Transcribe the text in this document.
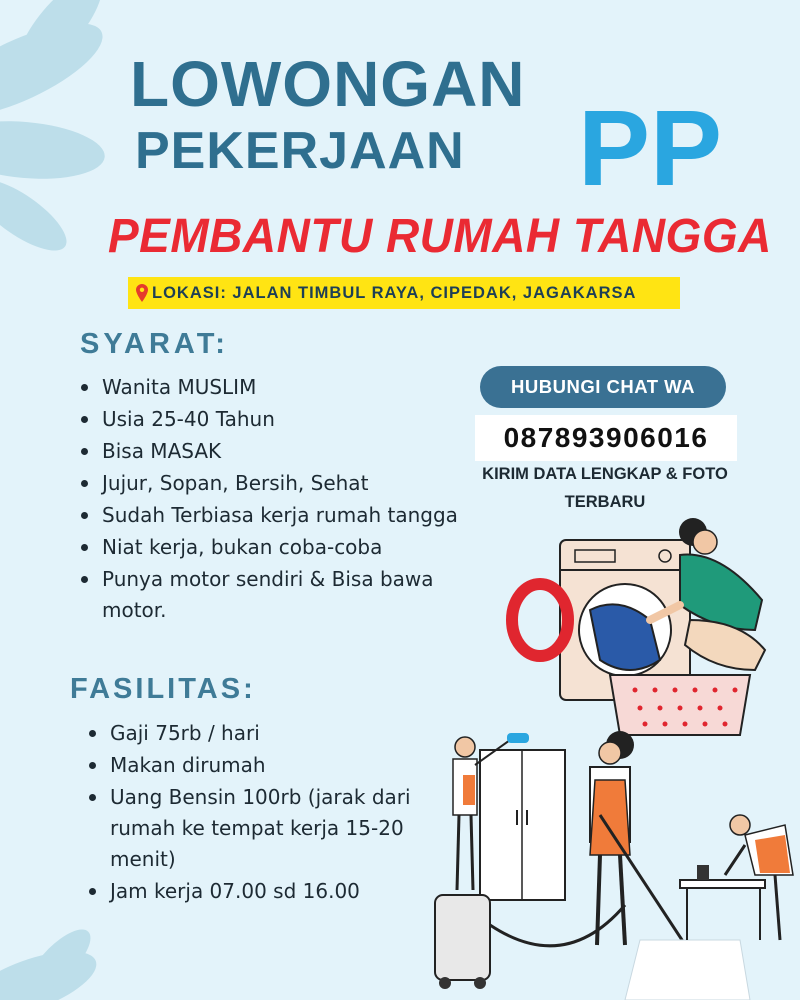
LOWONGAN
PEKERJAAN PP
PEMBANTU RUMAH TANGGA
LOKASI: JALAN TIMBUL RAYA, CIPEDAK, JAGAKARSA
SYARAT:
Wanita MUSLIM
Usia 25-40 Tahun
Bisa MASAK
Jujur, Sopan, Bersih, Sehat
Sudah Terbiasa kerja rumah tangga
Niat kerja, bukan coba-coba
Punya motor sendiri & Bisa bawa motor.
FASILITAS:
Gaji 75rb / hari
Makan dirumah
Uang Bensin 100rb (jarak dari rumah ke tempat kerja 15-20 menit)
Jam kerja 07.00 sd 16.00
HUBUNGI CHAT WA
087893906016
KIRIM DATA LENGKAP & FOTO TERBARU
